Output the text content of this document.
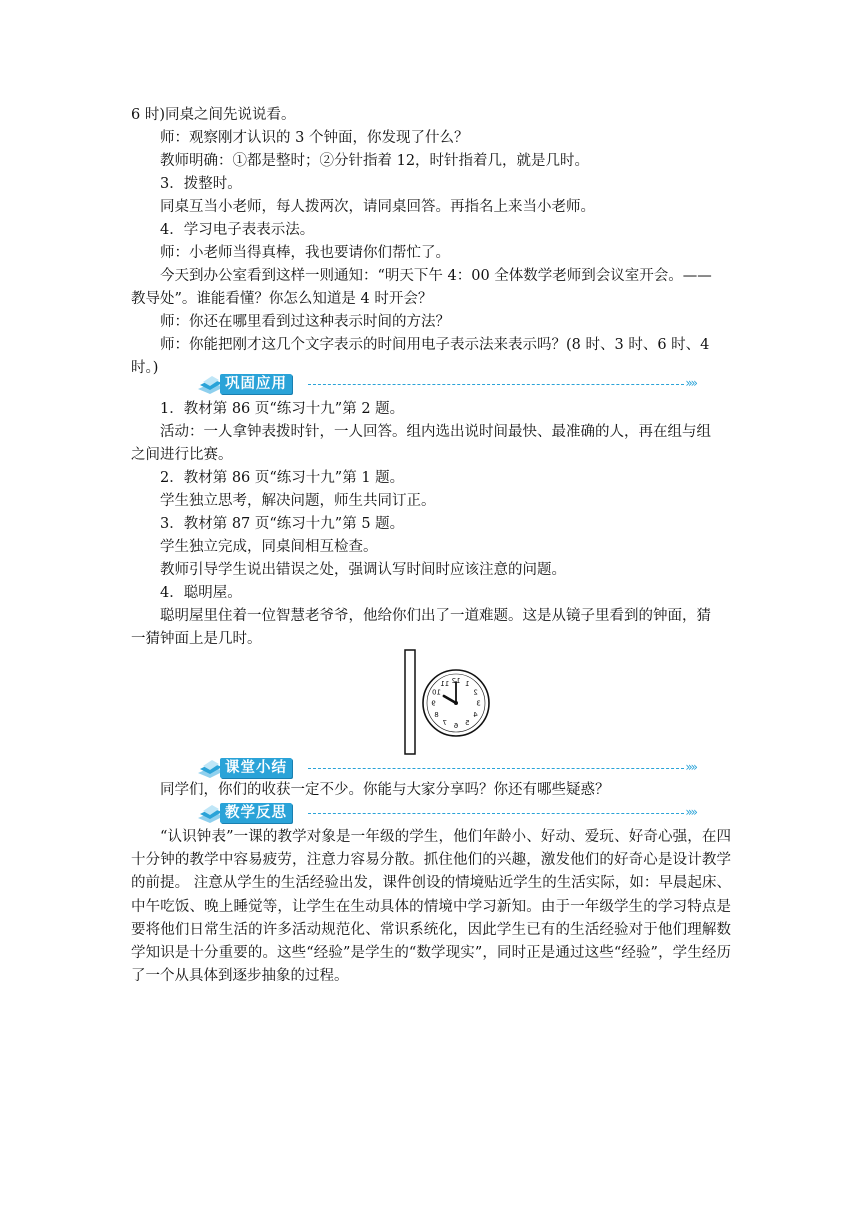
6 时)同桌之间先说说看。
师：观察刚才认识的 3 个钟面，你发现了什么？
教师明确：①都是整时；②分针指着 12，时针指着几，就是几时。
3．拨整时。
同桌互当小老师，每人拨两次，请同桌回答。再指名上来当小老师。
4．学习电子表表示法。
师：小老师当得真棒，我也要请你们帮忙了。
今天到办公室看到这样一则通知：“明天下午 4：00 全体数学老师到会议室开会。——
教导处”。谁能看懂？你怎么知道是 4 时开会？
师：你还在哪里看到过这种表示时间的方法？
师：你能把刚才这几个文字表示的时间用电子表示法来表示吗？(8 时、3 时、6 时、4
时。)
巩固应用	»»
1．教材第 86 页“练习十九”第 2 题。
活动：一人拿钟表拨时针，一人回答。组内选出说时间最快、最准确的人，再在组与组
之间进行比赛。
2．教材第 86 页“练习十九”第 1 题。
学生独立思考，解决问题，师生共同订正。
3．教材第 87 页“练习十九”第 5 题。
学生独立完成，同桌间相互检查。
教师引导学生说出错误之处，强调认写时间时应该注意的问题。
4．聪明屋。
聪明屋里住着一位智慧老爷爷，他给你们出了一道难题。这是从镜子里看到的钟面，猜
一猜钟面上是几时。
12
11
10
9
8
7 6 5
4
3
2
1
课堂小结	»»
同学们，你们的收获一定不少。你能与大家分享吗？你还有哪些疑惑？
教学反思	»»
“认识钟表”一课的教学对象是一年级的学生，他们年龄小、好动、爱玩、好奇心强，在四十分钟的教学中容易疲劳，注意力容易分散。抓住他们的兴趣，激发他们的好奇心是设计教学的前提。 注意从学生的生活经验出发，课件创设的情境贴近学生的生活实际，如：早晨起床、中午吃饭、晚上睡觉等，让学生在生动具体的情境中学习新知。由于一年级学生的学习特点是要将他们日常生活的许多活动规范化、常识系统化，因此学生已有的生活经验对于他们理解数学知识是十分重要的。这些“经验”是学生的“数学现实”，同时正是通过这些“经验”，学生经历了一个从具体到逐步抽象的过程。
